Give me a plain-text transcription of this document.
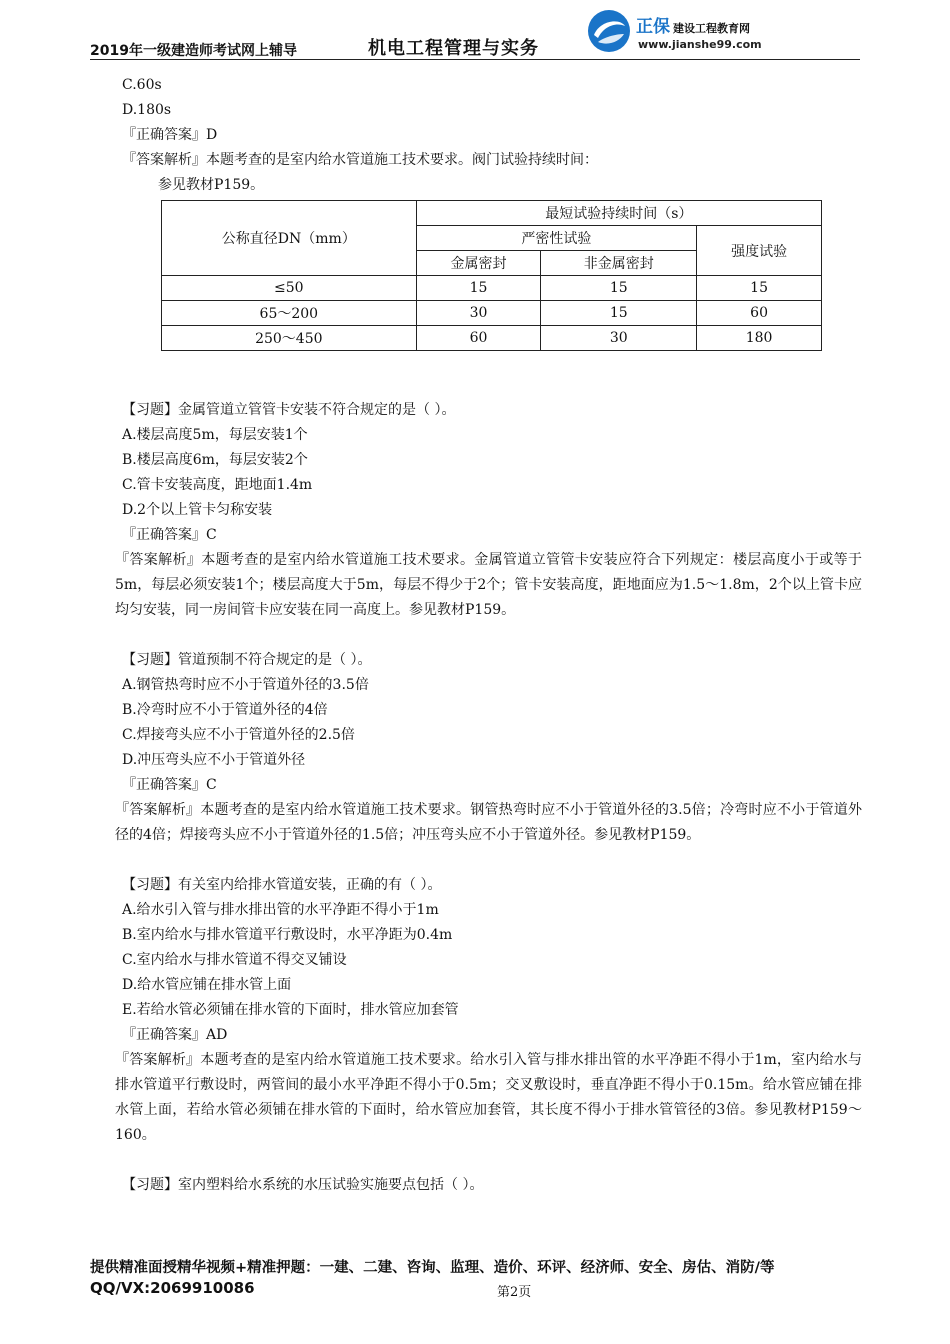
2019年一级建造师考试网上辅导	机电工程管理与实务
正保 建设工程教育网
www.jianshe99.com
C.60s
D.180s
『正确答案』D
『答案解析』本题考查的是室内给水管道施工技术要求。阀门试验持续时间：
参见教材P159。
【习题】金属管道立管管卡安装不符合规定的是（ ）。
A.楼层高度5m，每层安装1个
B.楼层高度6m，每层安装2个
C.管卡安装高度，距地面1.4m
D.2个以上管卡匀称安装
『正确答案』C
『答案解析』本题考查的是室内给水管道施工技术要求。金属管道立管管卡安装应符合下列规定：楼层高度小于或等于5m，每层必须安装1个；楼层高度大于5m，每层不得少于2个；管卡安装高度，距地面应为1.5～1.8m，2个以上管卡应均匀安装，同一房间管卡应安装在同一高度上。参见教材P159。
【习题】管道预制不符合规定的是（ ）。
A.钢管热弯时应不小于管道外径的3.5倍
B.冷弯时应不小于管道外径的4倍
C.焊接弯头应不小于管道外径的2.5倍
D.冲压弯头应不小于管道外径
『正确答案』C
『答案解析』本题考查的是室内给水管道施工技术要求。钢管热弯时应不小于管道外径的3.5倍；冷弯时应不小于管道外径的4倍；焊接弯头应不小于管道外径的1.5倍；冲压弯头应不小于管道外径。参见教材P159。
【习题】有关室内给排水管道安装，正确的有（ ）。
A.给水引入管与排水排出管的水平净距不得小于1m
B.室内给水与排水管道平行敷设时，水平净距为0.4m
C.室内给水与排水管道不得交叉铺设
D.给水管应铺在排水管上面
E.若给水管必须铺在排水管的下面时，排水管应加套管
『正确答案』AD
『答案解析』本题考查的是室内给水管道施工技术要求。给水引入管与排水排出管的水平净距不得小于1m，室内给水与排水管道平行敷设时，两管间的最小水平净距不得小于0.5m；交叉敷设时，垂直净距不得小于0.15m。给水管应铺在排水管上面，若给水管必须铺在排水管的下面时，给水管应加套管，其长度不得小于排水管管径的3倍。参见教材P159～160。
【习题】室内塑料给水系统的水压试验实施要点包括（ ）。
公称直径DN（mm）	最短试验持续时间（s）		
	严密性试验		强度试验
	金属密封	非金属密封	
≤50	15	15	15
65～200	30	15	60
250～450	60	30	180
提供精准面授精华视频+精准押题：一建、二建、咨询、监理、造价、环评、经济师、安全、房估、消防/等
QQ/VX:2069910086	第2页
